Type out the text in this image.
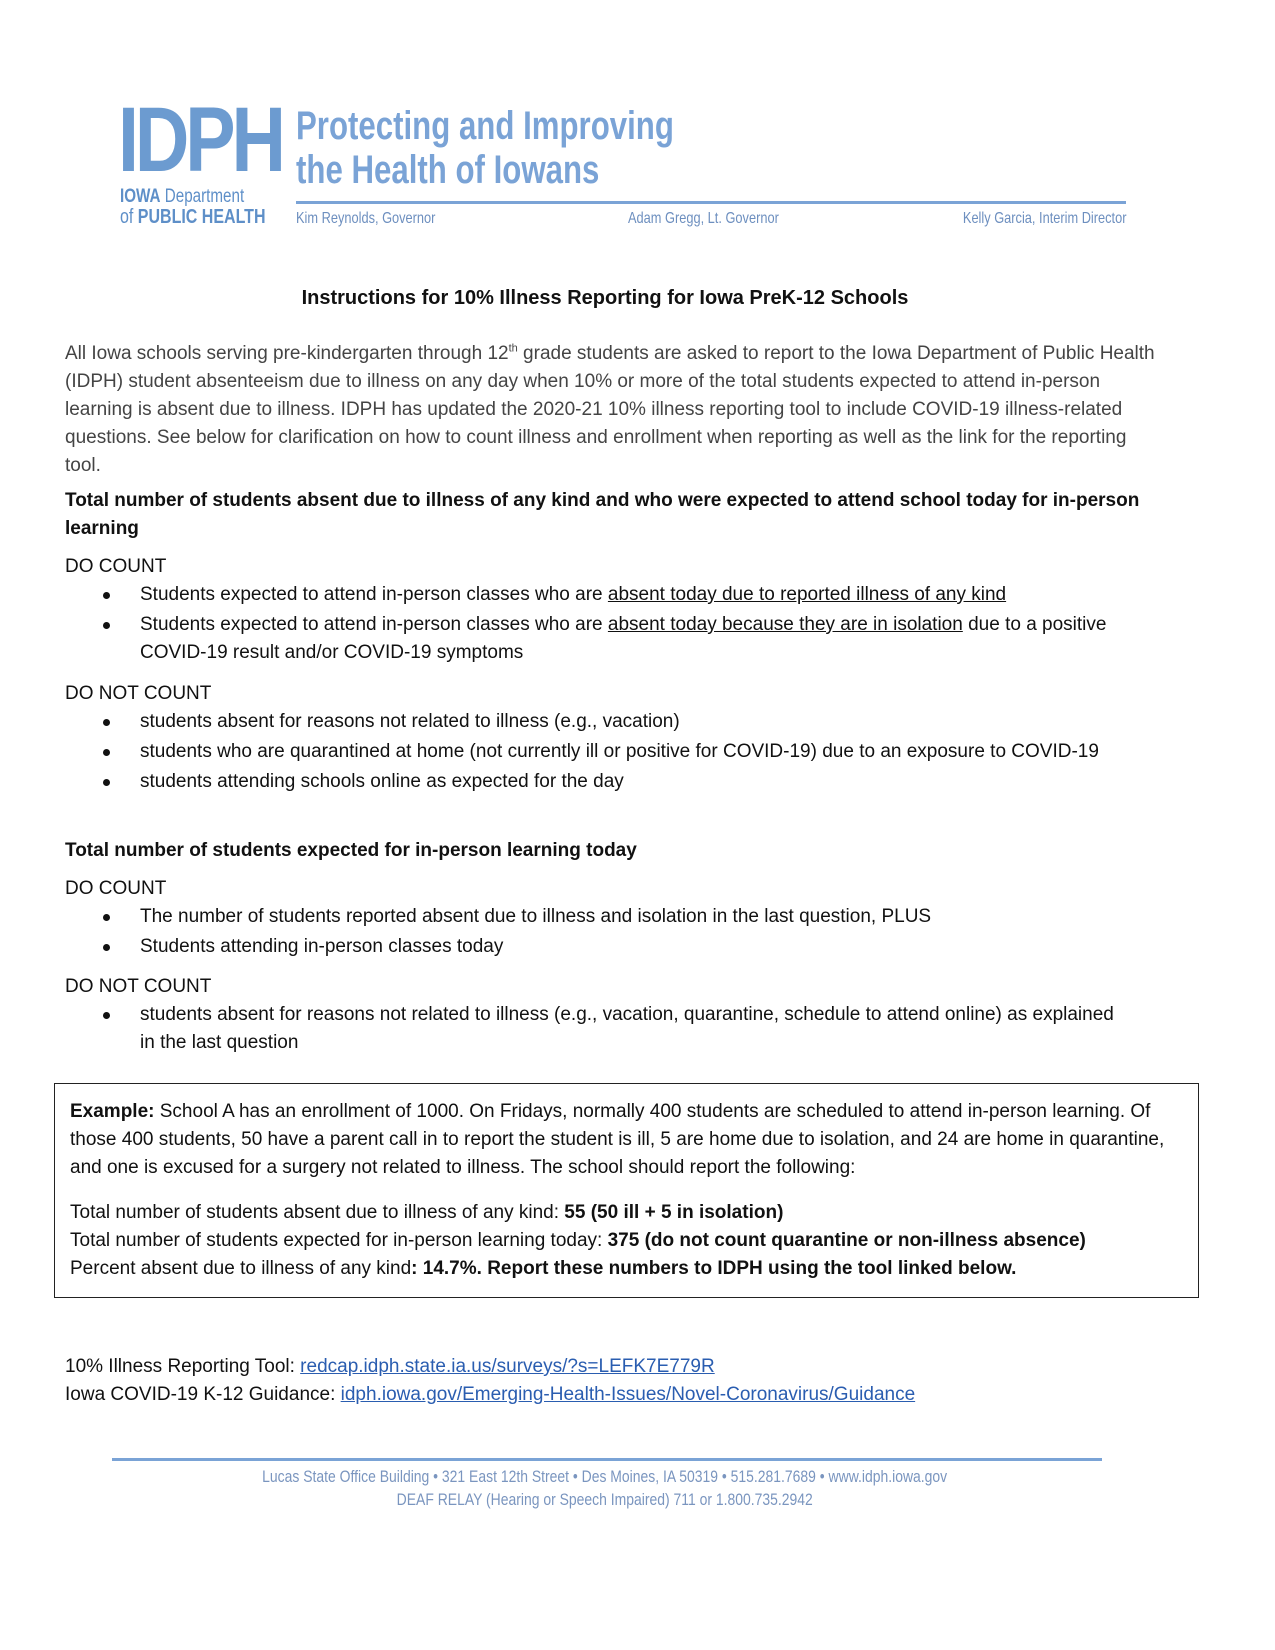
IDPH
IOWA Department
of PUBLIC HEALTH
Protecting and Improving
the Health of Iowans
Kim Reynolds, Governor	Adam Gregg, Lt. Governor	Kelly Garcia, Interim Director
Instructions for 10% Illness Reporting for Iowa PreK-12 Schools
All Iowa schools serving pre-kindergarten through 12th grade students are asked to report to the Iowa Department of Public Health (IDPH) student absenteeism due to illness on any day when 10% or more of the total students expected to attend in-person learning is absent due to illness. IDPH has updated the 2020-21 10% illness reporting tool to include COVID-19 illness-related questions. See below for clarification on how to count illness and enrollment when reporting as well as the link for the reporting tool.
Total number of students absent due to illness of any kind and who were expected to attend school today for in-person learning
DO COUNT
Students expected to attend in-person classes who are absent today due to reported illness of any kind
Students expected to attend in-person classes who are absent today because they are in isolation due to a positive COVID-19 result and/or COVID-19 symptoms
DO NOT COUNT
students absent for reasons not related to illness (e.g., vacation)
students who are quarantined at home (not currently ill or positive for COVID-19) due to an exposure to COVID-19
students attending schools online as expected for the day
Total number of students expected for in-person learning today
DO COUNT
The number of students reported absent due to illness and isolation in the last question, PLUS
Students attending in-person classes today
DO NOT COUNT
students absent for reasons not related to illness (e.g., vacation, quarantine, schedule to attend online) as explained in the last question
Example: School A has an enrollment of 1000. On Fridays, normally 400 students are scheduled to attend in-person learning. Of those 400 students, 50 have a parent call in to report the student is ill, 5 are home due to isolation, and 24 are home in quarantine, and one is excused for a surgery not related to illness. The school should report the following:
Total number of students absent due to illness of any kind: 55 (50 ill + 5 in isolation)
Total number of students expected for in-person learning today: 375 (do not count quarantine or non-illness absence)
Percent absent due to illness of any kind: 14.7%. Report these numbers to IDPH using the tool linked below.
10% Illness Reporting Tool: redcap.idph.state.ia.us/surveys/?s=LEFK7E779R
Iowa COVID-19 K-12 Guidance: idph.iowa.gov/Emerging-Health-Issues/Novel-Coronavirus/Guidance
Lucas State Office Building • 321 East 12th Street • Des Moines, IA 50319 • 515.281.7689 • www.idph.iowa.gov
DEAF RELAY (Hearing or Speech Impaired) 711 or 1.800.735.2942
